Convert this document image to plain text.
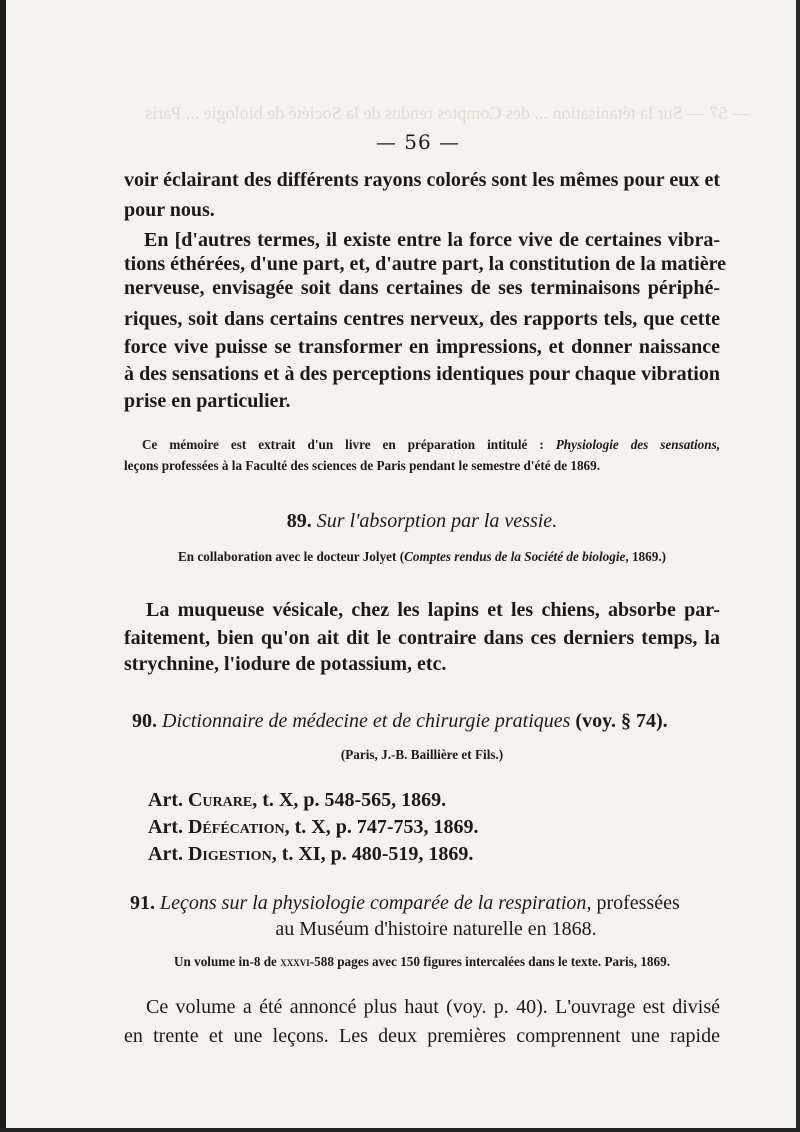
— 57 — Sur la tétanisation ... des Comptes rendus de la Société de biologie ... Paris
— 56 —
voir éclairant des différents rayons colorés sont les mêmes pour eux et
pour nous.
En [d'autres termes, il existe entre la force vive de certaines vibra-
tions éthérées, d'une part, et, d'autre part, la constitution de la matière
nerveuse, envisagée soit dans certaines de ses terminaisons périphé-
riques, soit dans certains centres nerveux, des rapports tels, que cette
force vive puisse se transformer en impressions, et donner naissance
à des sensations et à des perceptions identiques pour chaque vibration
prise en particulier.
Ce mémoire est extrait d'un livre en préparation intitulé : Physiologie des sensations,
leçons professées à la Faculté des sciences de Paris pendant le semestre d'été de 1869.
89. Sur l'absorption par la vessie.
En collaboration avec le docteur Jolyet (Comptes rendus de la Société de biologie, 1869.)
La muqueuse vésicale, chez les lapins et les chiens, absorbe par-
faitement, bien qu'on ait dit le contraire dans ces derniers temps, la
strychnine, l'iodure de potassium, etc.
90. Dictionnaire de médecine et de chirurgie pratiques (voy. § 74).
(Paris, J.-B. Baillière et Fils.)
Art. Curare, t. X, p. 548-565, 1869.
Art. Défécation, t. X, p. 747-753, 1869.
Art. Digestion, t. XI, p. 480-519, 1869.
91. Leçons sur la physiologie comparée de la respiration, professées
au Muséum d'histoire naturelle en 1868.
Un volume in-8 de xxxvi-588 pages avec 150 figures intercalées dans le texte. Paris, 1869.
Ce volume a été annoncé plus haut (voy. p. 40). L'ouvrage est divisé
en trente et une leçons. Les deux premières comprennent une rapide
